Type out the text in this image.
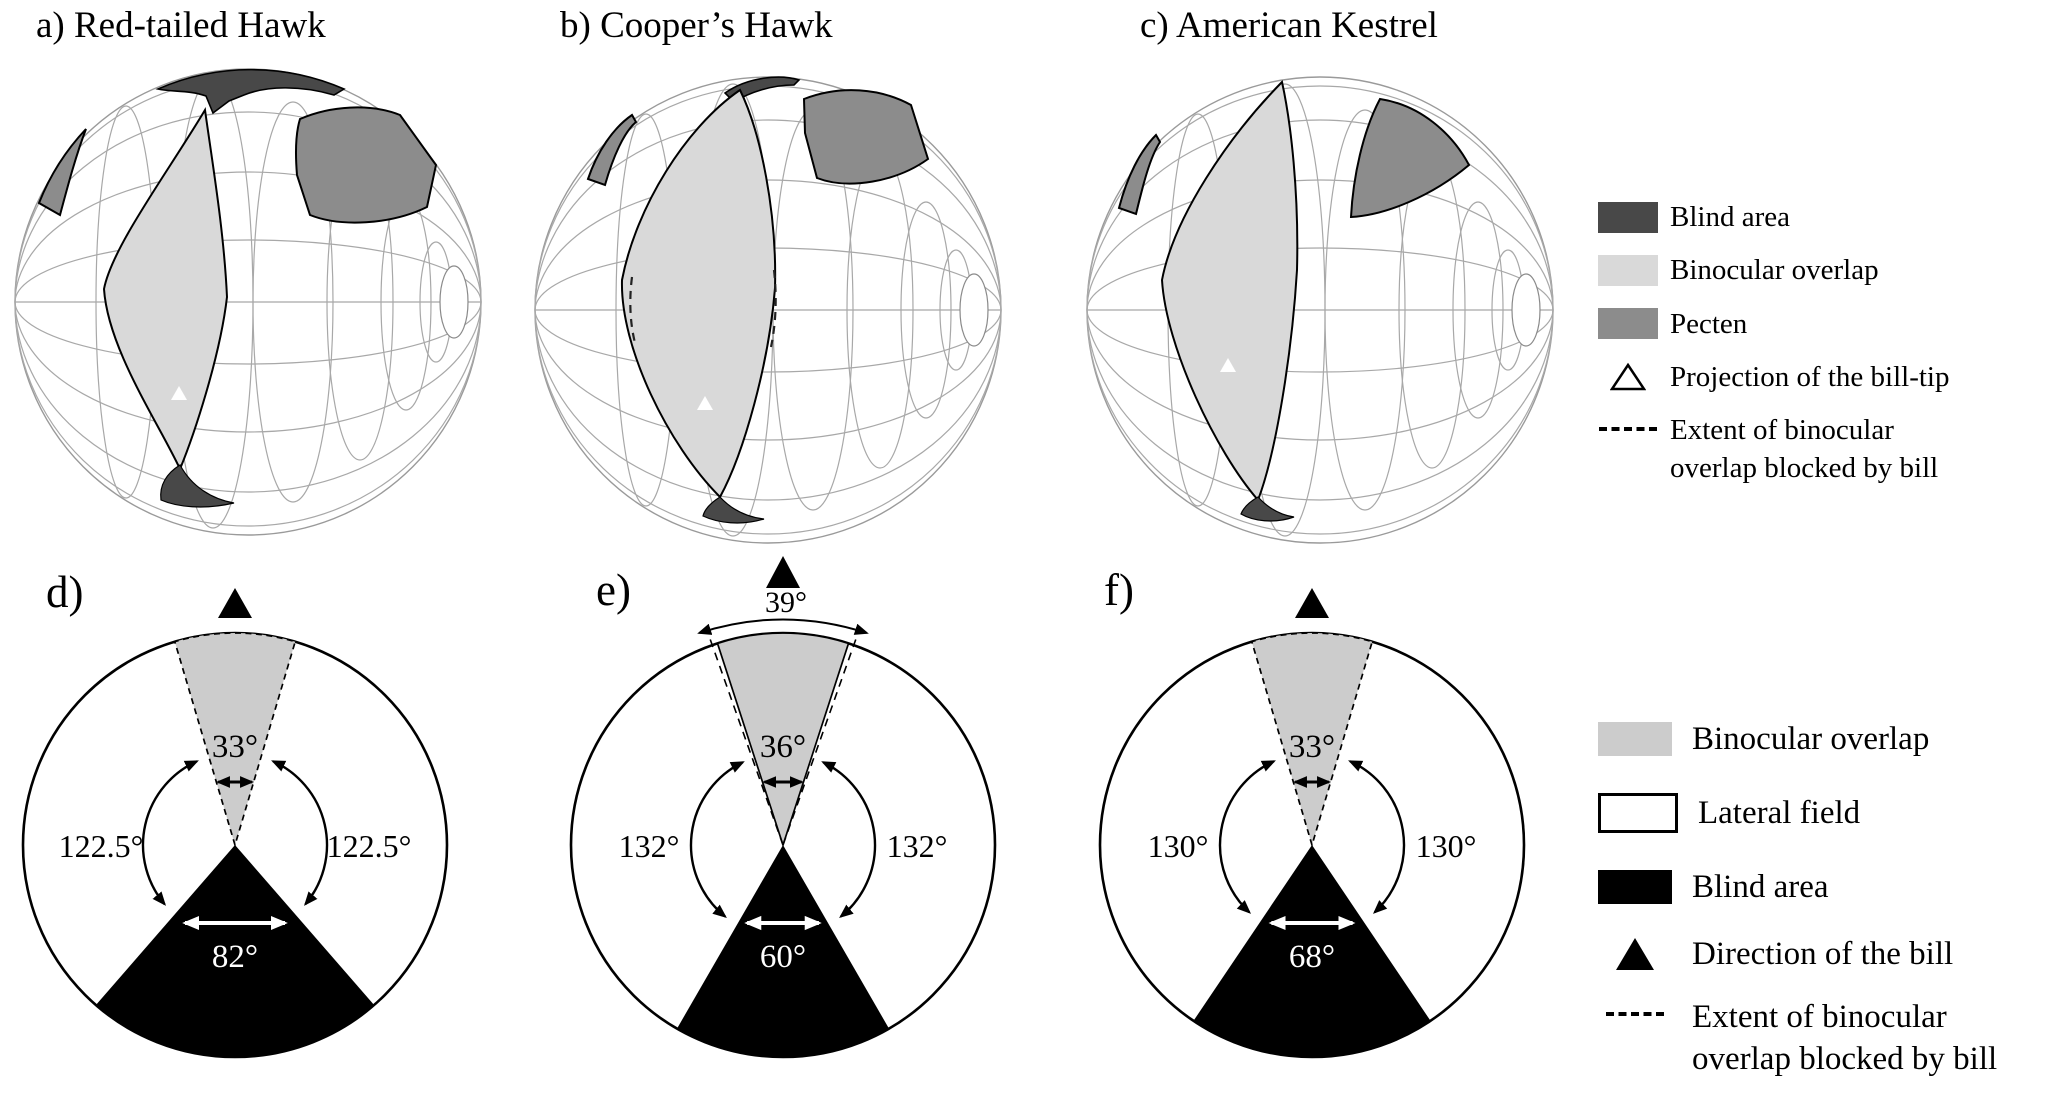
a) Red-tailed Hawk	b) Cooper’s Hawk	c) American Kestrel
d)	e)	f)
33°
122.5°	122.5°
82°
39°
36°
132°	132°
60°
33°
130°	130°
68°
Blind area
Binocular overlap
Pecten
Projection of the bill-tip
Extent of binocular
overlap blocked by bill
Binocular overlap
Lateral field
Blind area
Direction of the bill
Extent of binocular
overlap blocked by bill
